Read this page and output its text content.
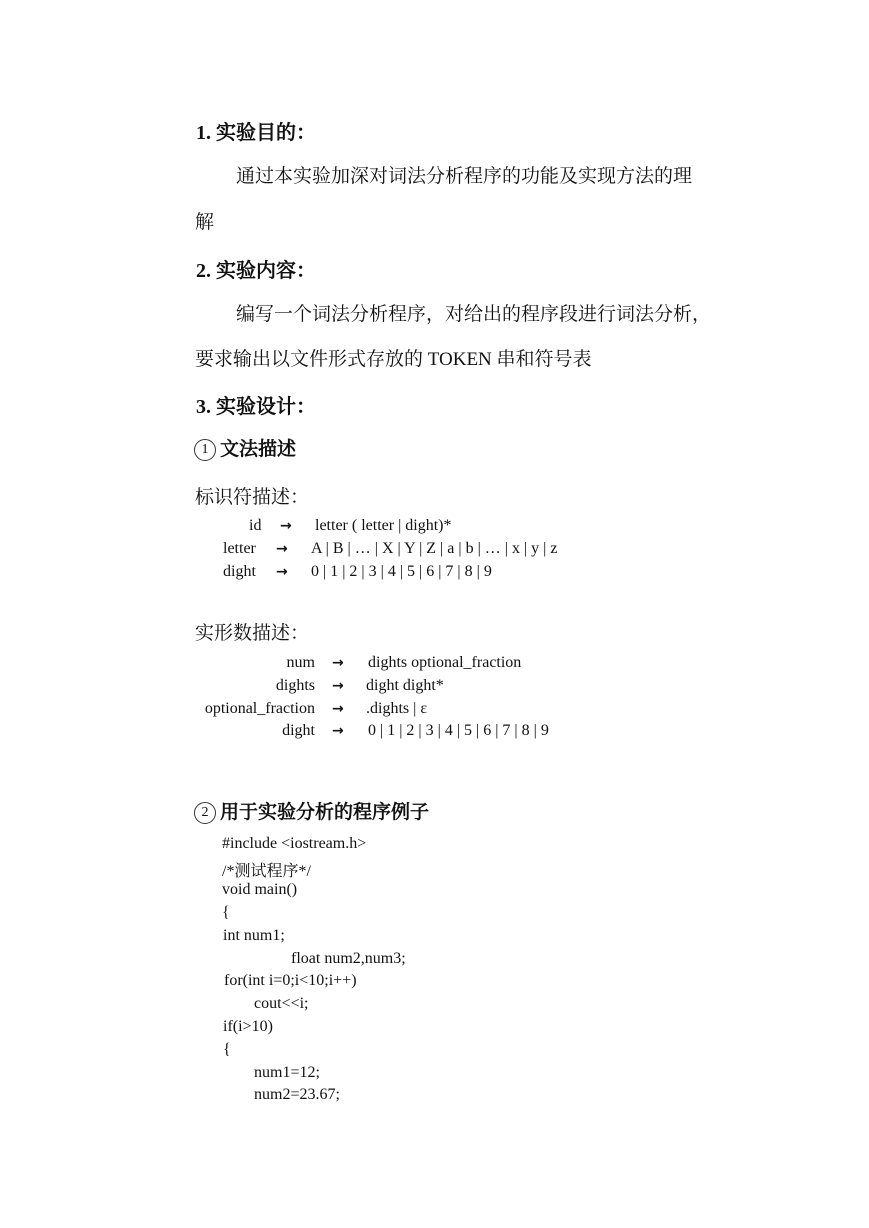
1. 实验目的：
通过本实验加深对词法分析程序的功能及实现方法的理
解
2. 实验内容：
编写一个词法分析程序，对给出的程序段进行词法分析，
要求输出以文件形式存放的 TOKEN 串和符号表
3. 实验设计：
1 文法描述
标识符描述：
id → letter ( letter | dight)*
letter → A | B | … | X | Y | Z | a | b | … | x | y | z
dight → 0 | 1 | 2 | 3 | 4 | 5 | 6 | 7 | 8 | 9
实形数描述：
num → dights optional_fraction
dights → dight dight*
optional_fraction → .dights | ε
dight → 0 | 1 | 2 | 3 | 4 | 5 | 6 | 7 | 8 | 9
2 用于实验分析的程序例子
#include <iostream.h>
/*测试程序*/
void main()
{
int num1;
float num2,num3;
for(int i=0;i<10;i++)
cout<<i;
if(i>10)
{
num1=12;
num2=23.67;
